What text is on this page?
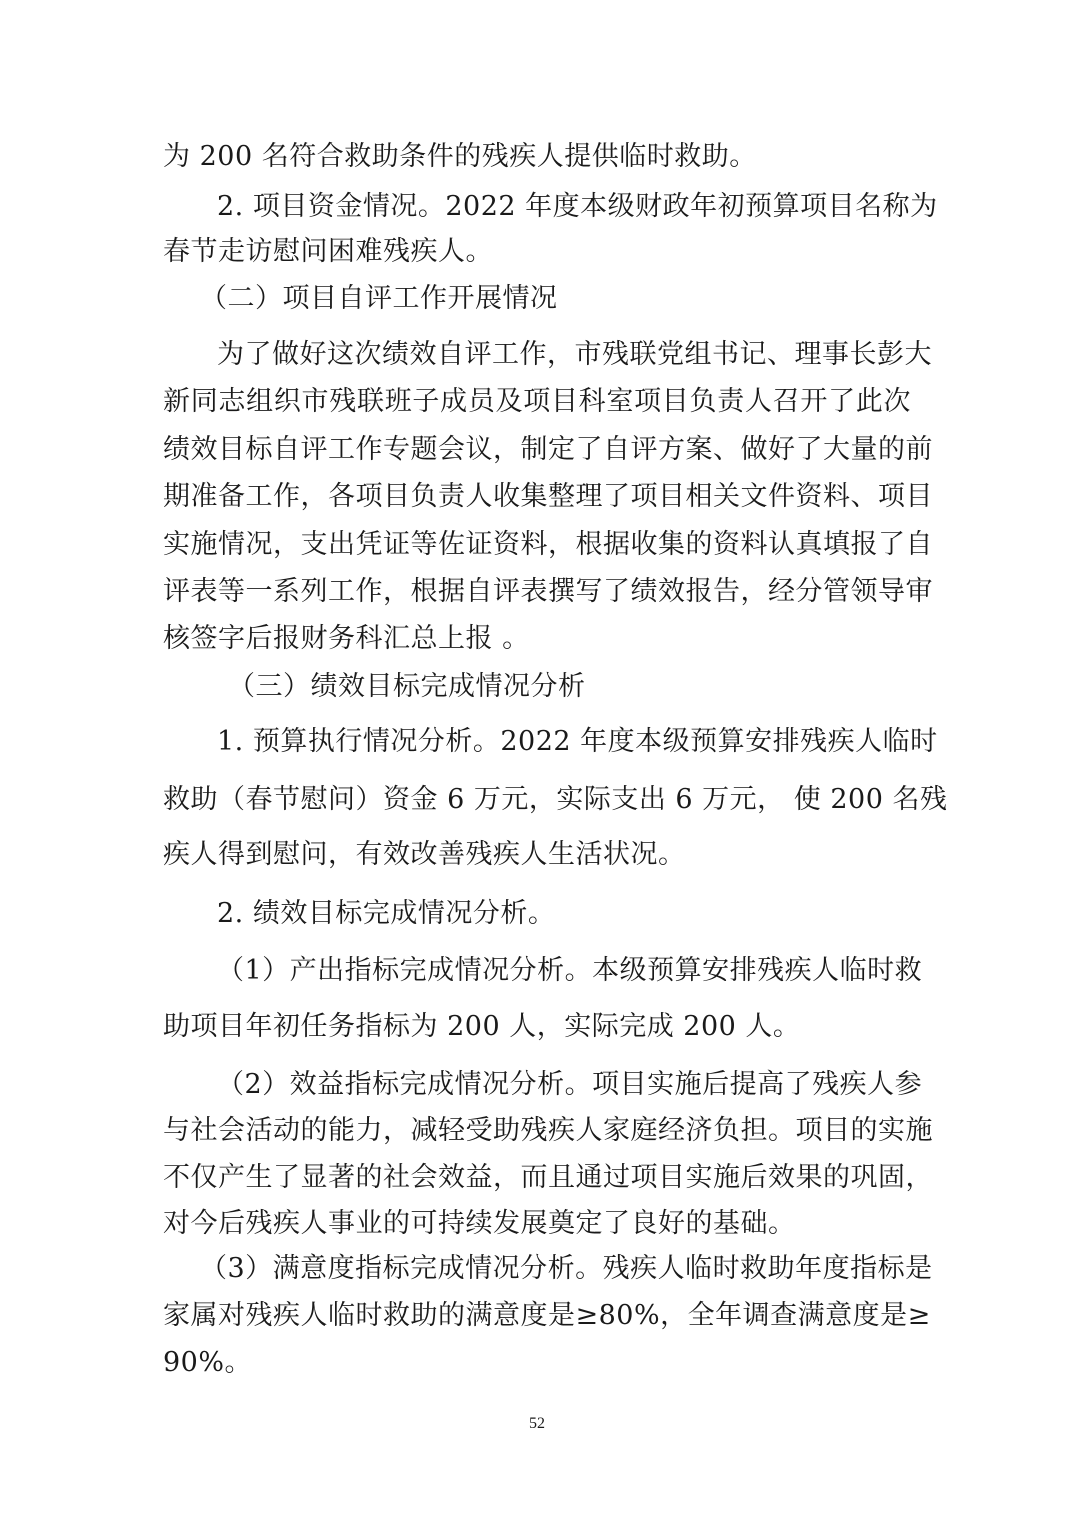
为 200 名符合救助条件的残疾人提供临时救助。
2. 项目资金情况。2022 年度本级财政年初预算项目名称为
春节走访慰问困难残疾人。
（二）项目自评工作开展情况
为了做好这次绩效自评工作，市残联党组书记、理事长彭大
新同志组织市残联班子成员及项目科室项目负责人召开了此次
绩效目标自评工作专题会议，制定了自评方案、做好了大量的前
期准备工作，各项目负责人收集整理了项目相关文件资料、项目
实施情况，支出凭证等佐证资料，根据收集的资料认真填报了自
评表等一系列工作，根据自评表撰写了绩效报告，经分管领导审
核签字后报财务科汇总上报 。
（三）绩效目标完成情况分析
1. 预算执行情况分析。2022 年度本级预算安排残疾人临时
救助（春节慰问）资金 6 万元，实际支出 6 万元， 使 200 名残
疾人得到慰问，有效改善残疾人生活状况。
2. 绩效目标完成情况分析。
（1）产出指标完成情况分析。本级预算安排残疾人临时救
助项目年初任务指标为 200 人，实际完成 200 人。
（2）效益指标完成情况分析。项目实施后提高了残疾人参
与社会活动的能力，减轻受助残疾人家庭经济负担。项目的实施
不仅产生了显著的社会效益，而且通过项目实施后效果的巩固，
对今后残疾人事业的可持续发展奠定了良好的基础。
（3）满意度指标完成情况分析。残疾人临时救助年度指标是
家属对残疾人临时救助的满意度是≥80%，全年调查满意度是≥
90%。
52
